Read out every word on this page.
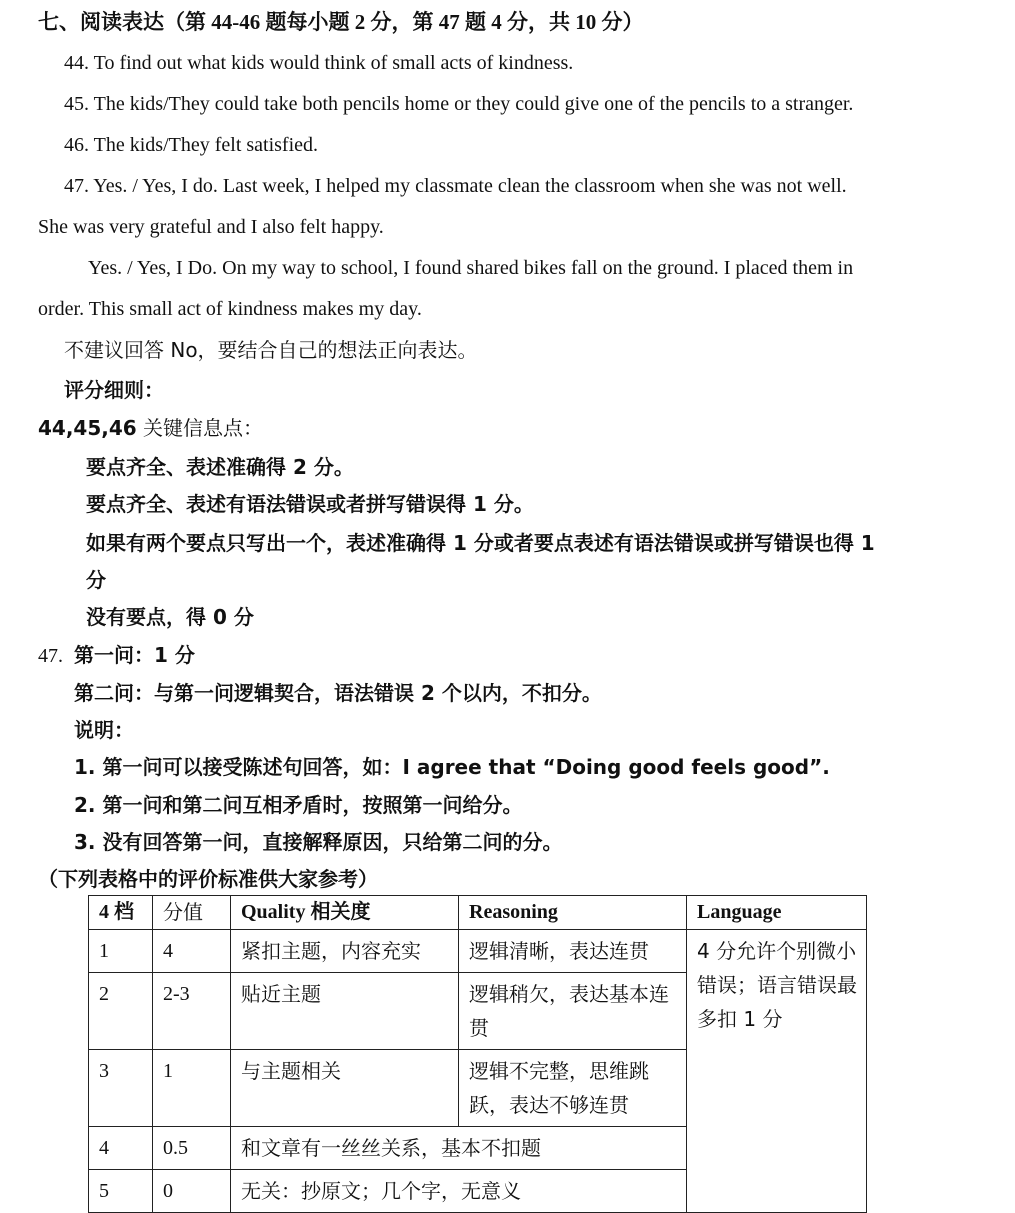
七、阅读表达（第 44-46 题每小题 2 分，第 47 题 4 分，共 10 分）
44. To find out what kids would think of small acts of kindness.
45. The kids/They could take both pencils home or they could give one of the pencils to a stranger.
46. The kids/They felt satisfied.
47. Yes. / Yes, I do. Last week, I helped my classmate clean the classroom when she was not well.
She was very grateful and I also felt happy.
Yes. / Yes, I Do. On my way to school, I found shared bikes fall on the ground. I placed them in
order. This small act of kindness makes my day.
不建议回答 No，要结合自己的想法正向表达。
评分细则：
44,45,46 关键信息点：
要点齐全、表述准确得 2 分。
要点齐全、表述有语法错误或者拼写错误得 1 分。
如果有两个要点只写出一个，表述准确得 1 分或者要点表述有语法错误或拼写错误也得 1
分
没有要点，得 0 分
47. 第一问：1 分
第二问：与第一问逻辑契合，语法错误 2 个以内，不扣分。
说明：
1. 第一问可以接受陈述句回答，如：I agree that “Doing good feels good”.
2. 第一问和第二问互相矛盾时，按照第一问给分。
3. 没有回答第一问，直接解释原因，只给第二问的分。
（下列表格中的评价标准供大家参考）
4 档	分值	Quality 相关度	Reasoning	Language
1	4	紧扣主题，内容充实	逻辑清晰，表达连贯	4 分允许个别微小错误；语言错误最多扣 1 分
2	2-3	贴近主题	逻辑稍欠，表达基本连贯	
3	1	与主题相关	逻辑不完整，思维跳跃，表达不够连贯	
4	0.5	和文章有一丝丝关系，基本不扣题		
5	0	无关：抄原文；几个字，无意义		
